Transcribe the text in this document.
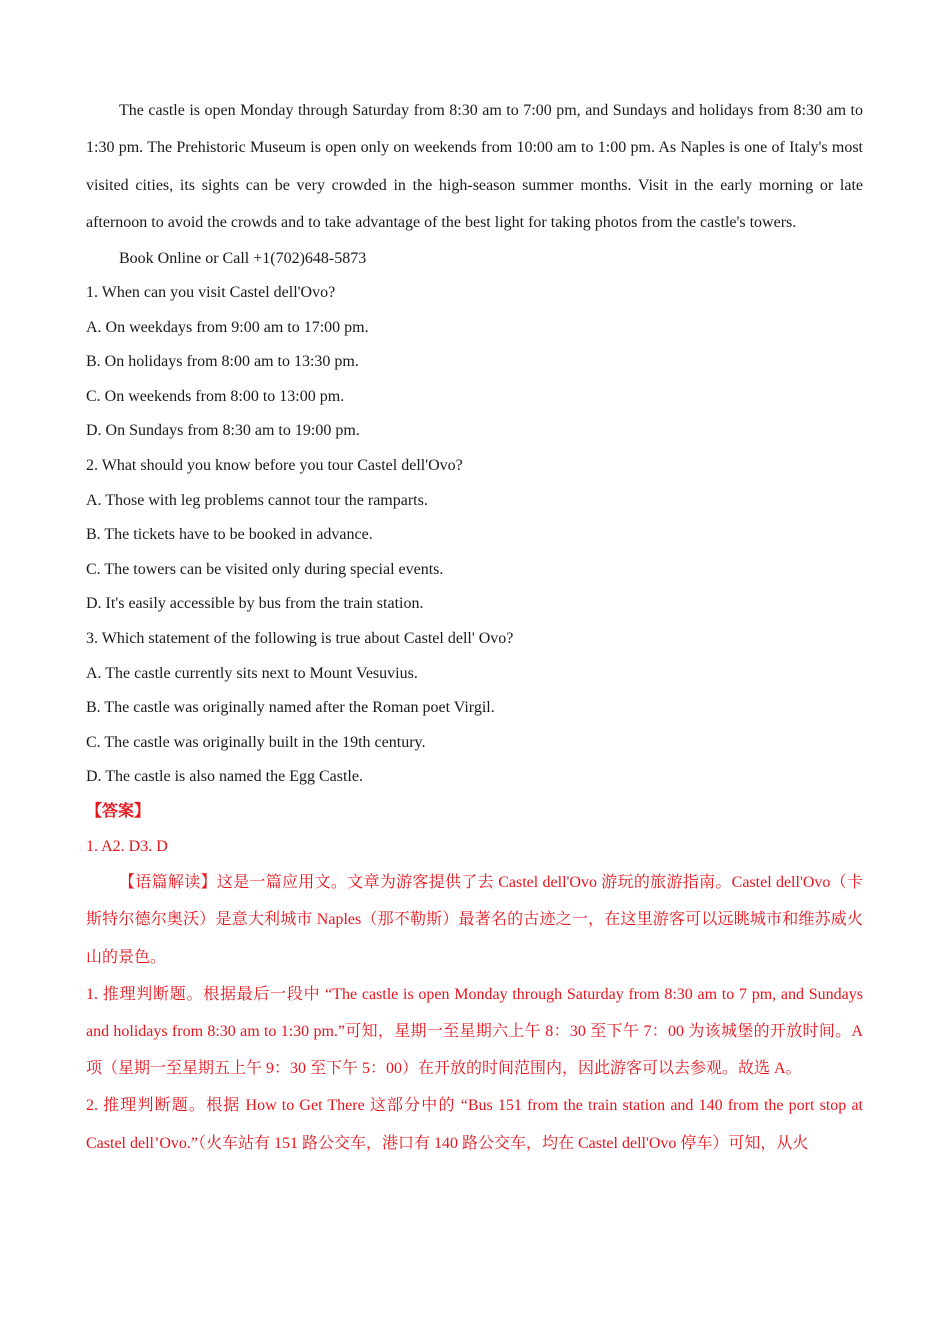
The castle is open Monday through Saturday from 8:30 am to 7:00 pm, and Sundays and holidays from 8:30 am to 1:30 pm. The Prehistoric Museum is open only on weekends from 10:00 am to 1:00 pm. As Naples is one of Italy's most visited cities, its sights can be very crowded in the high-season summer months. Visit in the early morning or late afternoon to avoid the crowds and to take advantage of the best light for taking photos from the castle's towers.

Book Online or Call +1(702)648-5873

1. When can you visit Castel dell'Ovo?

A. On weekdays from 9:00 am to 17:00 pm.

B. On holidays from 8:00 am to 13:30 pm.

C. On weekends from 8:00 to 13:00 pm.

D. On Sundays from 8:30 am to 19:00 pm.

2. What should you know before you tour Castel dell'Ovo?

A. Those with leg problems cannot tour the ramparts.

B. The tickets have to be booked in advance.

C. The towers can be visited only during special events.

D. It's easily accessible by bus from the train station.

3. Which statement of the following is true about Castel dell' Ovo?

A. The castle currently sits next to Mount Vesuvius.

B. The castle was originally named after the Roman poet Virgil.

C. The castle was originally built in the 19th century.

D. The castle is also named the Egg Castle.

【答案】

1. A2. D3. D

【语篇解读】这是一篇应用文。文章为游客提供了去 Castel dell'Ovo 游玩的旅游指南。Castel dell'Ovo（卡斯特尔德尔奥沃）是意大利城市 Naples（那不勒斯）最著名的古迹之一，在这里游客可以远眺城市和维苏威火山的景色。

1. 推理判断题。根据最后一段中 “The castle is open Monday through Saturday from 8:30 am to 7 pm, and Sundays and holidays from 8:30 am to 1:30 pm.”可知，星期一至星期六上午 8：30 至下午 7：00 为该城堡的开放时间。A 项（星期一至星期五上午 9：30 至下午 5：00）在开放的时间范围内，因此游客可以去参观。故选 A。

2. 推理判断题。根据 How to Get There 这部分中的 “Bus 151 from the train station and 140 from the port stop at Castel dell’Ovo.”（火车站有 151 路公交车，港口有 140 路公交车，均在 Castel dell'Ovo 停车）可知，从火
